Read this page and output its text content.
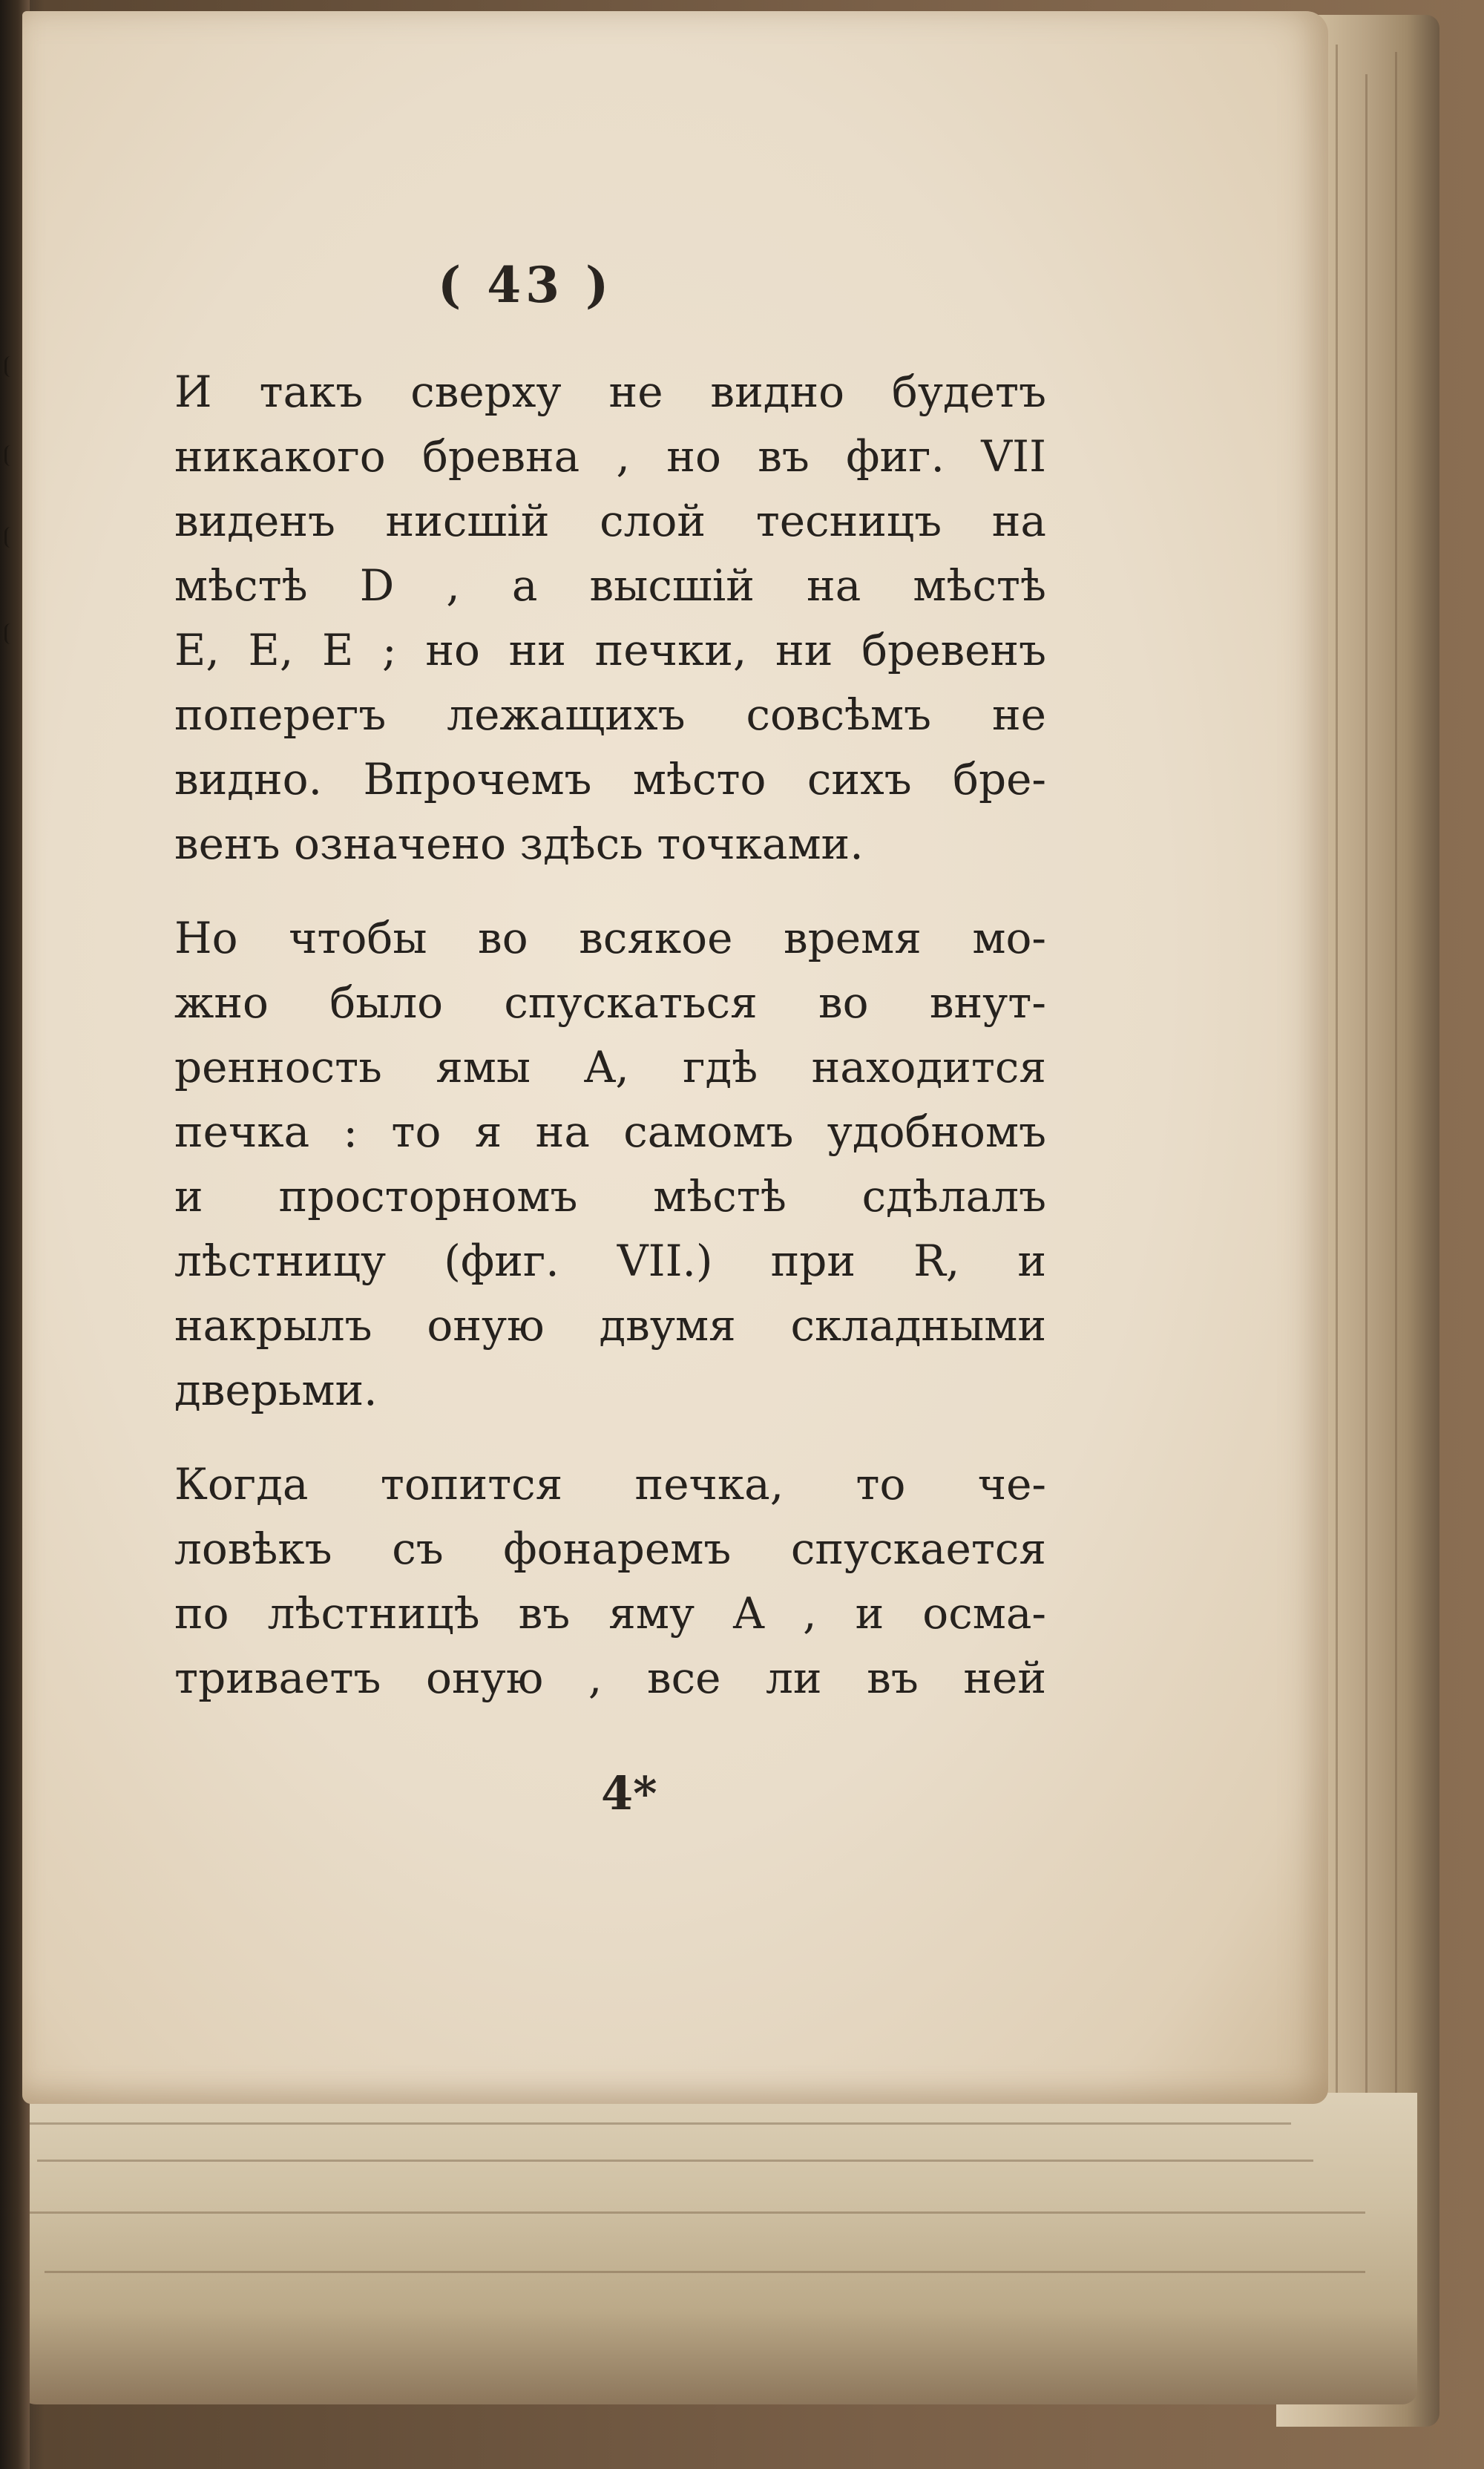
( 43 )

И такъ сверху не видно будетъ
никакого бревна , но въ фиг. VII
виденъ нисшій слой тесницъ на
мѣстѣ D , а высшій на мѣстѣ
E, E, E ; но ни печки, ни бревенъ
поперегъ лежащихъ совсѣмъ не
видно. Впрочемъ мѣсто сихъ бре-
венъ означено здѣсь точками.

Но чтобы во всякое время мо-
жно было спускаться во внут-
ренность ямы A, гдѣ находится
печка : то я на самомъ удобномъ
и просторномъ мѣстѣ сдѣлалъ
лѣстницу (фиг. VII.) при R, и
накрылъ оную двумя складными
дверьми.

Когда топится печка, то че-
ловѣкъ съ фонаремъ спускается
по лѣстницѣ въ яму A , и осма-
триваетъ оную , все ли въ ней

4*
